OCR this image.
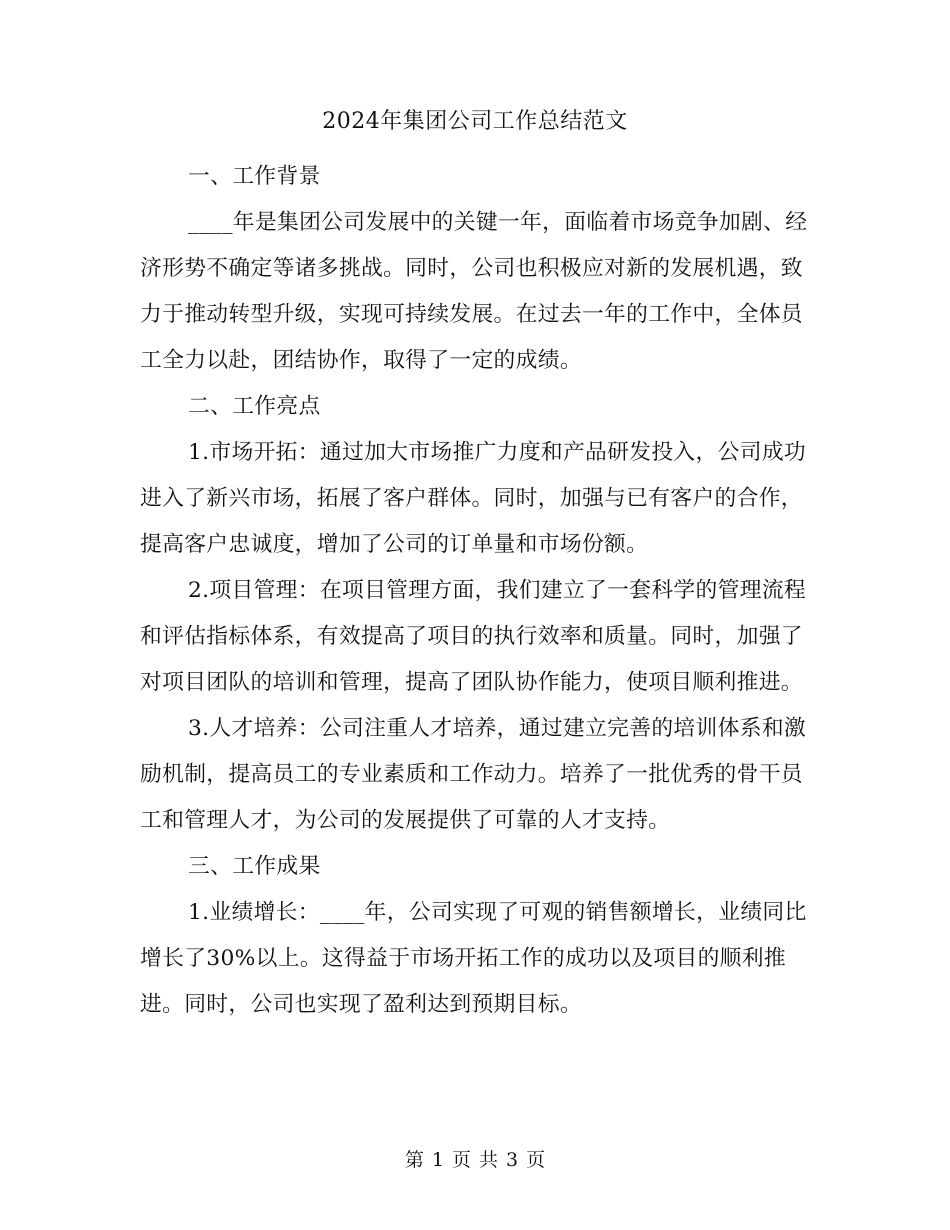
2024年集团公司工作总结范文

一、工作背景

____年是集团公司发展中的关键一年，面临着市场竞争加剧、经济形势不确定等诸多挑战。同时，公司也积极应对新的发展机遇，致力于推动转型升级，实现可持续发展。在过去一年的工作中，全体员工全力以赴，团结协作，取得了一定的成绩。

二、工作亮点

1.市场开拓：通过加大市场推广力度和产品研发投入，公司成功进入了新兴市场，拓展了客户群体。同时，加强与已有客户的合作，提高客户忠诚度，增加了公司的订单量和市场份额。

2.项目管理：在项目管理方面，我们建立了一套科学的管理流程和评估指标体系，有效提高了项目的执行效率和质量。同时，加强了对项目团队的培训和管理，提高了团队协作能力，使项目顺利推进。

3.人才培养：公司注重人才培养，通过建立完善的培训体系和激励机制，提高员工的专业素质和工作动力。培养了一批优秀的骨干员工和管理人才，为公司的发展提供了可靠的人才支持。

三、工作成果

1.业绩增长：____年，公司实现了可观的销售额增长，业绩同比增长了30%以上。这得益于市场开拓工作的成功以及项目的顺利推进。同时，公司也实现了盈利达到预期目标。

第 1 页 共 3 页
